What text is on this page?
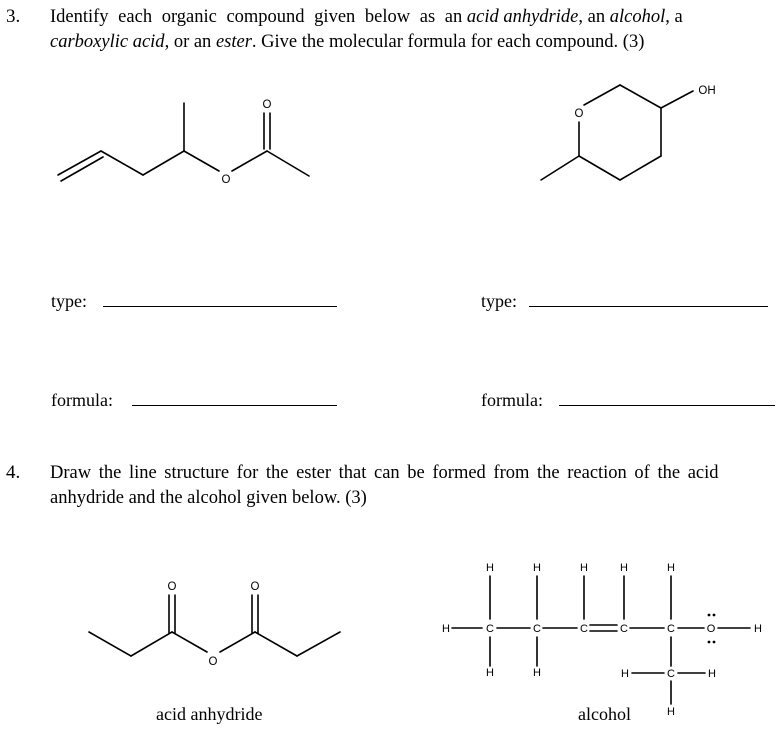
3. Identify each organic compound given below as an acid anhydride, an alcohol, a
carboxylic acid, or an ester. Give the molecular formula for each compound. (3)
O
O
O
OH
type:	type:
formula:	formula:
4. Draw the line structure for the ester that can be formed from the reaction of the acid
anhydride and the alcohol given below. (3)
O	O
O
acid anhydride
H	H	H	H	H
H	C	C	C	C	C	O	H
H	H	H	C	H
H
alcohol
